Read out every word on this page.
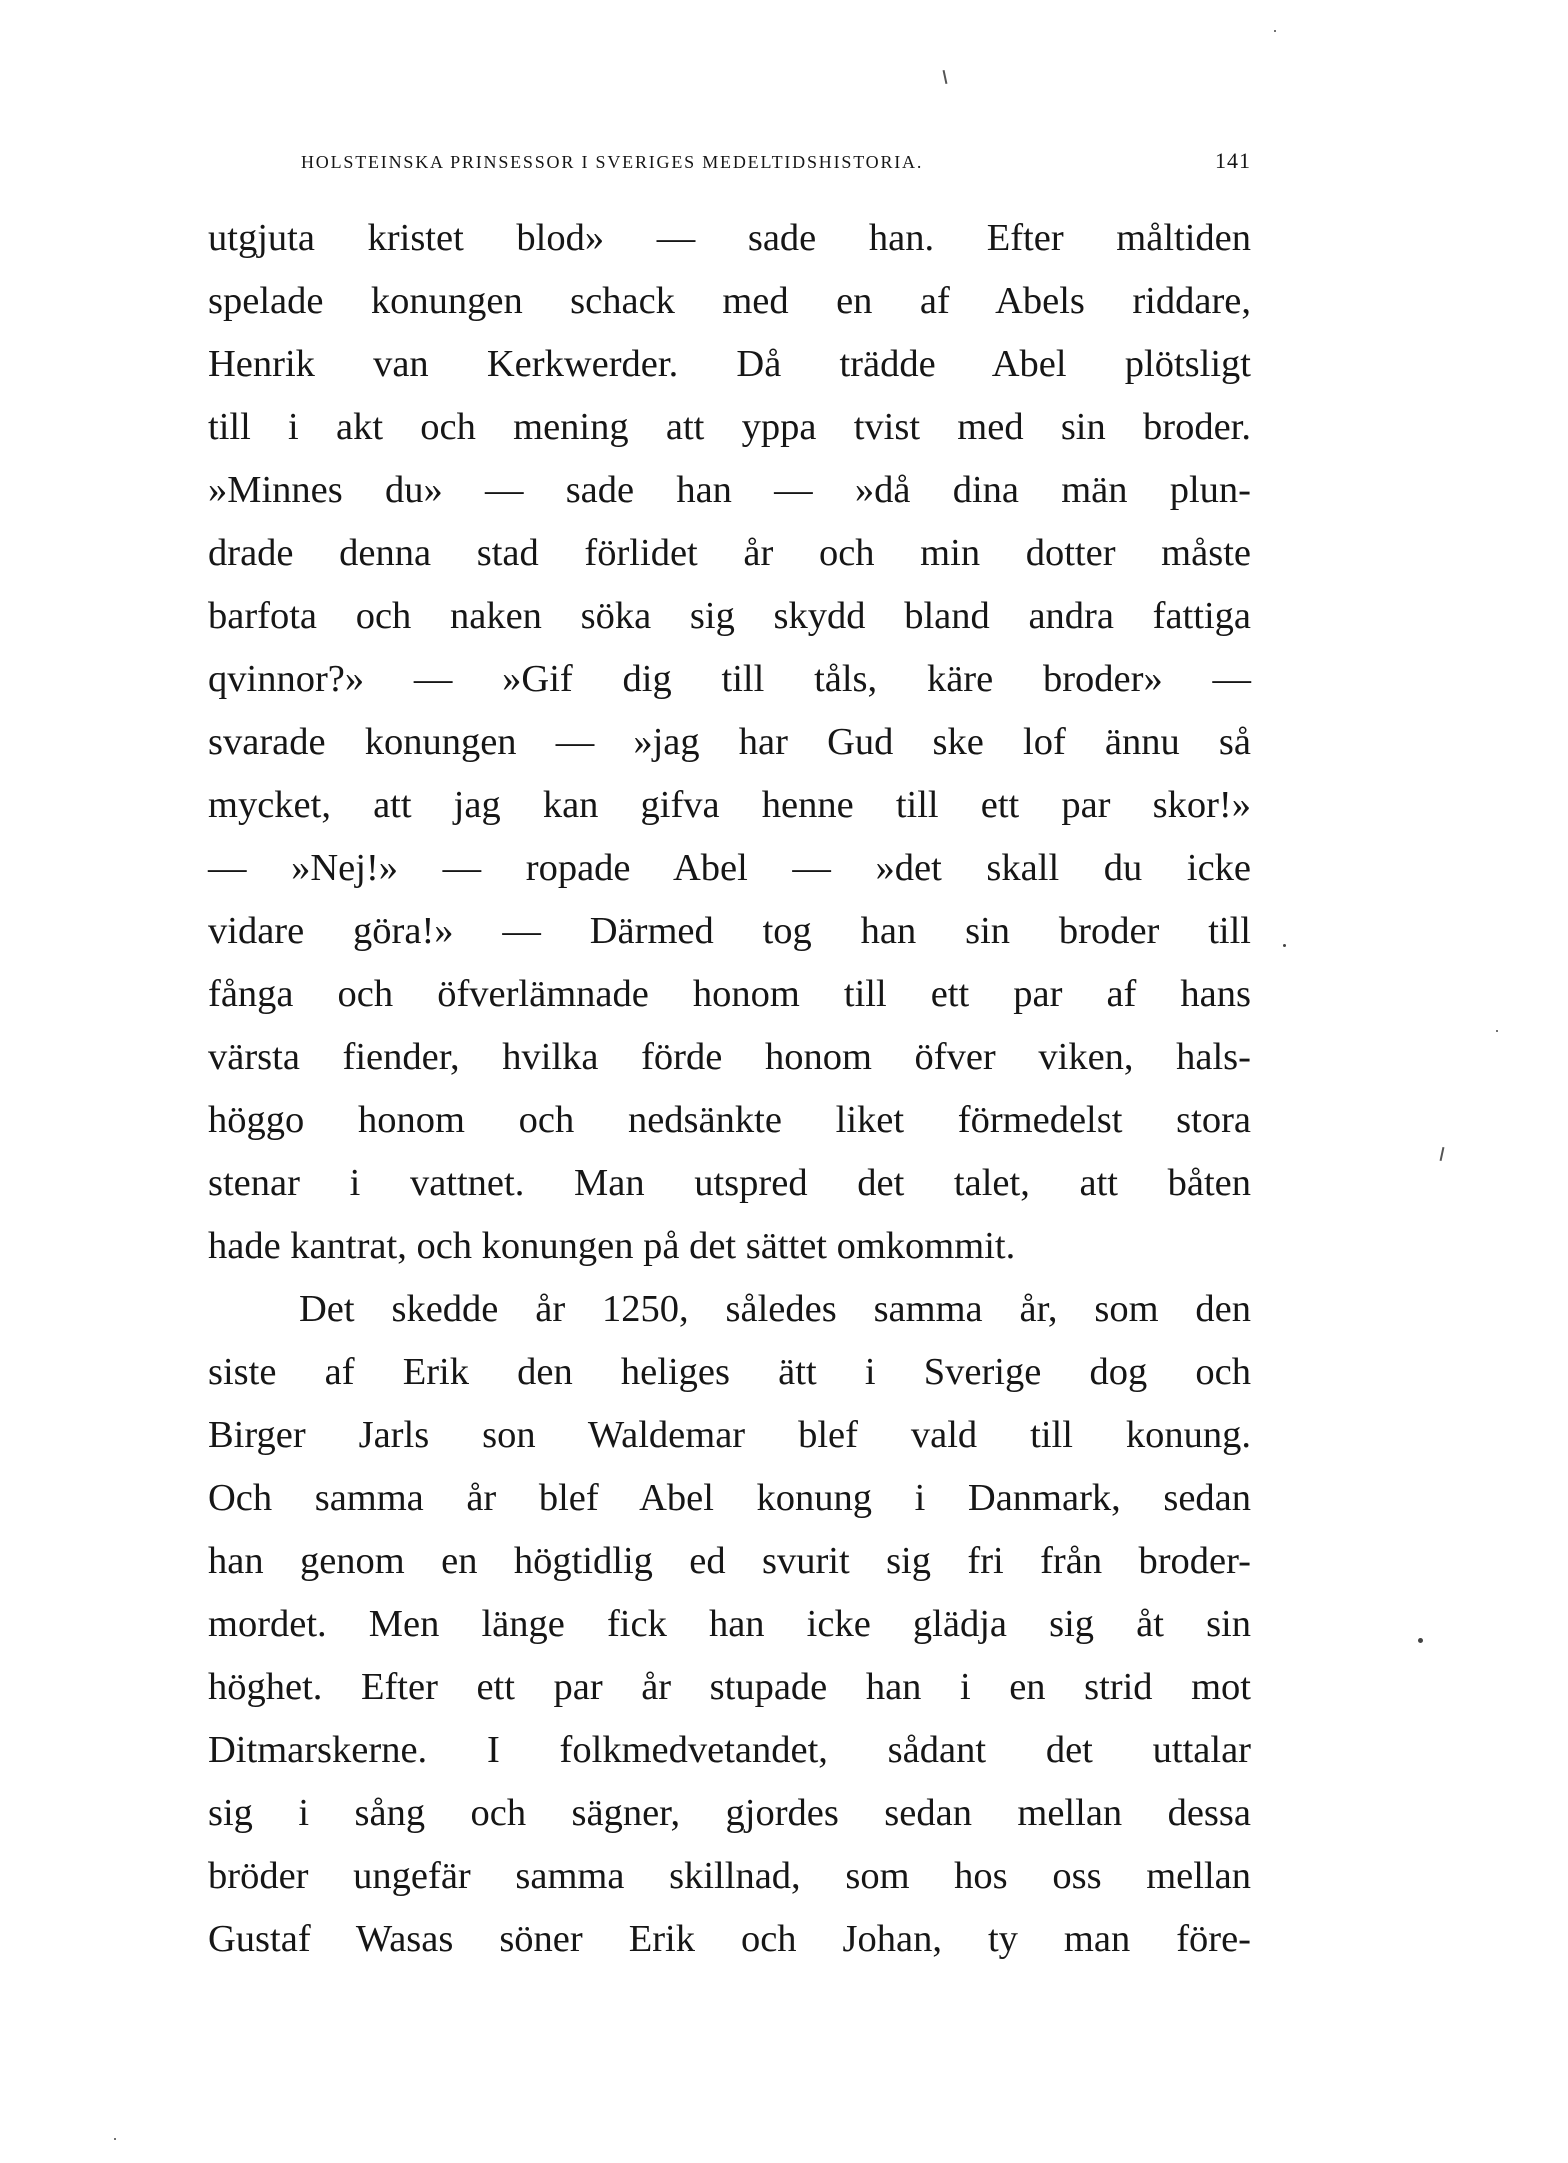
HOLSTEINSKA PRINSESSOR I SVERIGES MEDELTIDSHISTORIA.	141
utgjuta kristet blod» — sade han. Efter måltiden
spelade konungen schack med en af Abels riddare,
Henrik van Kerkwerder. Då trädde Abel plötsligt
till i akt och mening att yppa tvist med sin broder.
»Minnes du» — sade han — »då dina män plun-
drade denna stad förlidet år och min dotter måste
barfota och naken söka sig skydd bland andra fattiga
qvinnor?» — »Gif dig till tåls, käre broder» —
svarade konungen — »jag har Gud ske lof ännu så
mycket, att jag kan gifva henne till ett par skor!»
— »Nej!» — ropade Abel — »det skall du icke
vidare göra!» — Därmed tog han sin broder till
fånga och öfverlämnade honom till ett par af hans
värsta fiender, hvilka förde honom öfver viken, hals-
höggo honom och nedsänkte liket förmedelst stora
stenar i vattnet. Man utspred det talet, att båten
hade kantrat, och konungen på det sättet omkommit.
Det skedde år 1250, således samma år, som den
siste af Erik den heliges ätt i Sverige dog och
Birger Jarls son Waldemar blef vald till konung.
Och samma år blef Abel konung i Danmark, sedan
han genom en högtidlig ed svurit sig fri från broder-
mordet. Men länge fick han icke glädja sig åt sin
höghet. Efter ett par år stupade han i en strid mot
Ditmarskerne. I folkmedvetandet, sådant det uttalar
sig i sång och sägner, gjordes sedan mellan dessa
bröder ungefär samma skillnad, som hos oss mellan
Gustaf Wasas söner Erik och Johan, ty man före-
